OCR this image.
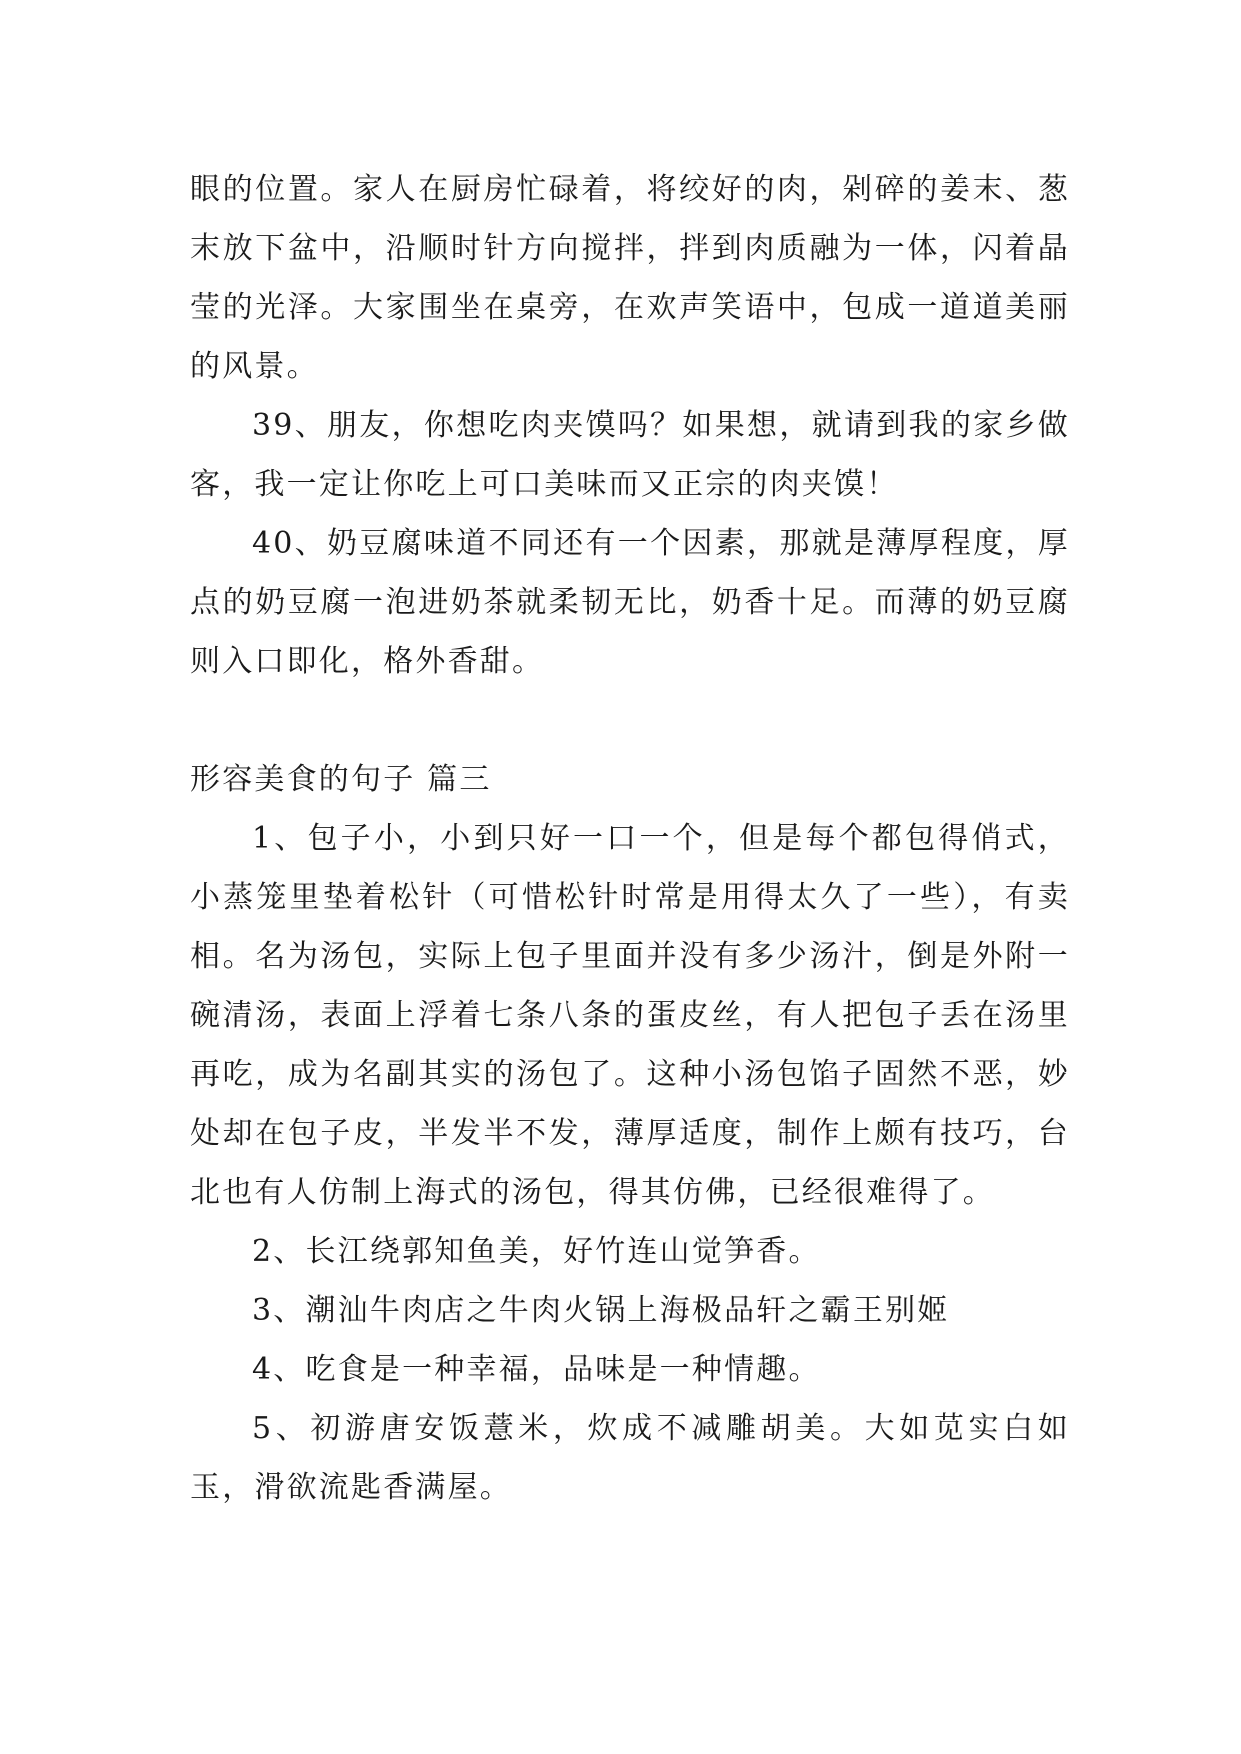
眼的位置。家人在厨房忙碌着，将绞好的肉，剁碎的姜末、葱末放下盆中，沿顺时针方向搅拌，拌到肉质融为一体，闪着晶莹的光泽。大家围坐在桌旁，在欢声笑语中，包成一道道美丽的风景。

39、朋友，你想吃肉夹馍吗？如果想，就请到我的家乡做客，我一定让你吃上可口美味而又正宗的肉夹馍！

40、奶豆腐味道不同还有一个因素，那就是薄厚程度，厚点的奶豆腐一泡进奶茶就柔韧无比，奶香十足。而薄的奶豆腐则入口即化，格外香甜。

形容美食的句子 篇三

1、包子小，小到只好一口一个，但是每个都包得俏式，小蒸笼里垫着松针（可惜松针时常是用得太久了一些），有卖相。名为汤包，实际上包子里面并没有多少汤汁，倒是外附一碗清汤，表面上浮着七条八条的蛋皮丝，有人把包子丢在汤里再吃，成为名副其实的汤包了。这种小汤包馅子固然不恶，妙处却在包子皮，半发半不发，薄厚适度，制作上颇有技巧，台北也有人仿制上海式的汤包，得其仿佛，已经很难得了。

2、长江绕郭知鱼美，好竹连山觉笋香。

3、潮汕牛肉店之牛肉火锅上海极品轩之霸王别姬

4、吃食是一种幸福，品味是一种情趣。

5、初游唐安饭薏米，炊成不减雕胡美。大如苋实白如玉，滑欲流匙香满屋。
